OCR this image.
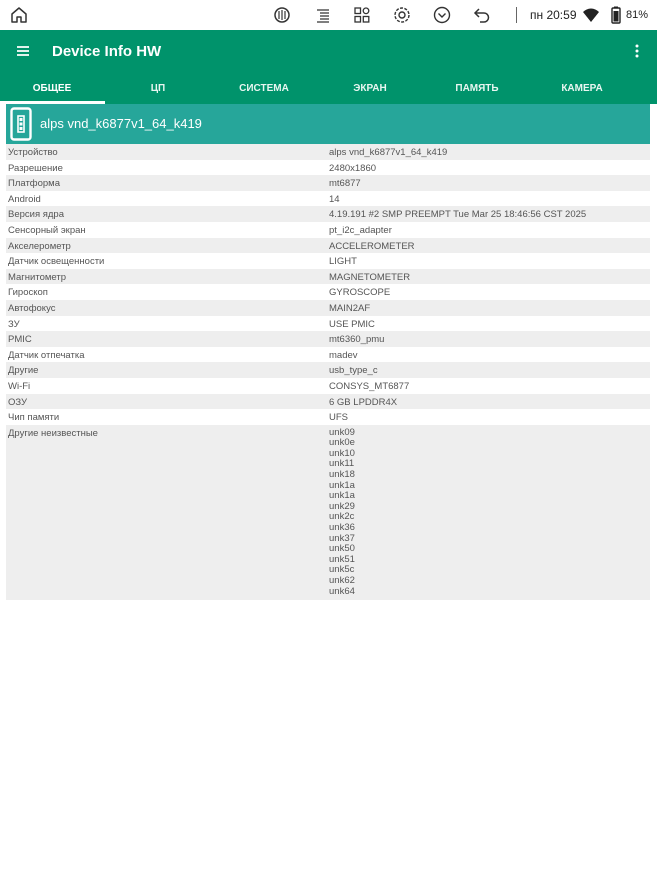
пн 20:59	81%
Device Info HW
ОБЩЕЕ	ЦП	СИСТЕМА	ЭКРАН	ПАМЯТЬ	КАМЕРА
alps vnd_k6877v1_64_k419
Устройство	alps vnd_k6877v1_64_k419
Разрешение	2480x1860
Платформа	mt6877
Android	14
Версия ядра	4.19.191 #2 SMP PREEMPT Tue Mar 25 18:46:56 CST 2025
Сенсорный экран	pt_i2c_adapter
Акселерометр	ACCELEROMETER
Датчик освещенности	LIGHT
Магнитометр	MAGNETOMETER
Гироскоп	GYROSCOPE
Автофокус	MAIN2AF
ЗУ	USE PMIC
PMIC	mt6360_pmu
Датчик отпечатка	madev
Другие	usb_type_c
Wi-Fi	CONSYS_MT6877
ОЗУ	6 GB LPDDR4X
Чип памяти	UFS
Другие неизвестные	unk09
unk0e
unk10
unk11
unk18
unk1a
unk1a
unk29
unk2c
unk36
unk37
unk50
unk51
unk5c
unk62
unk64
